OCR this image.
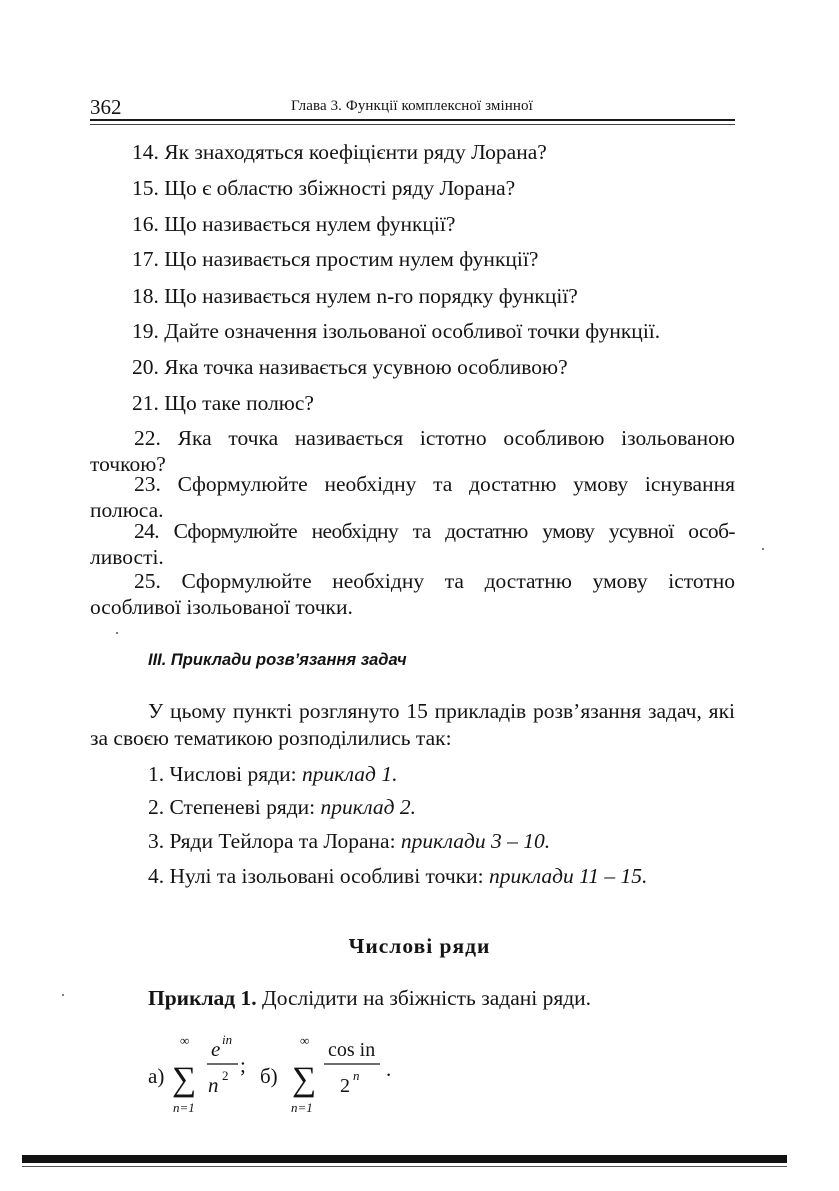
362	Глава 3. Функції комплексної змінної
14. Як знаходяться коефіцієнти ряду Лорана?
15. Що є областю збіжності ряду Лорана?
16. Що називається нулем функції?
17. Що називається простим нулем функції?
18. Що називається нулем n-го порядку функції?
19. Дайте означення ізольованої особливої точки функції.
20. Яка точка називається усувною особливою?
21. Що таке полюс?
22. Яка точка називається істотно особливою ізольованою
точкою?
23. Сформулюйте необхідну та достатню умову існування
полюса.
24. Сформулюйте необхідну та достатню умову усувної особ-
ливості.
25. Сформулюйте необхідну та достатню умову істотно
особливої ізольованої точки.
ІІІ. Приклади розв’язання задач
У цьому пункті розглянуто 15 прикладів розв’язання задач, які за своєю тематикою розподілились так:
1. Числові ряди: приклад 1.
2. Степеневі ряди: приклад 2.
3. Ряди Тейлора та Лорана: приклади 3 – 10.
4. Нулі та ізольовані особливі точки: приклади 11 – 15.
Числові ряди
Приклад 1. Дослідити на збіжність задані ряди.
а)
∞
∑
n=1
e in
n 2 ; б)
∞
∑
n=1
cos in
2 n .
